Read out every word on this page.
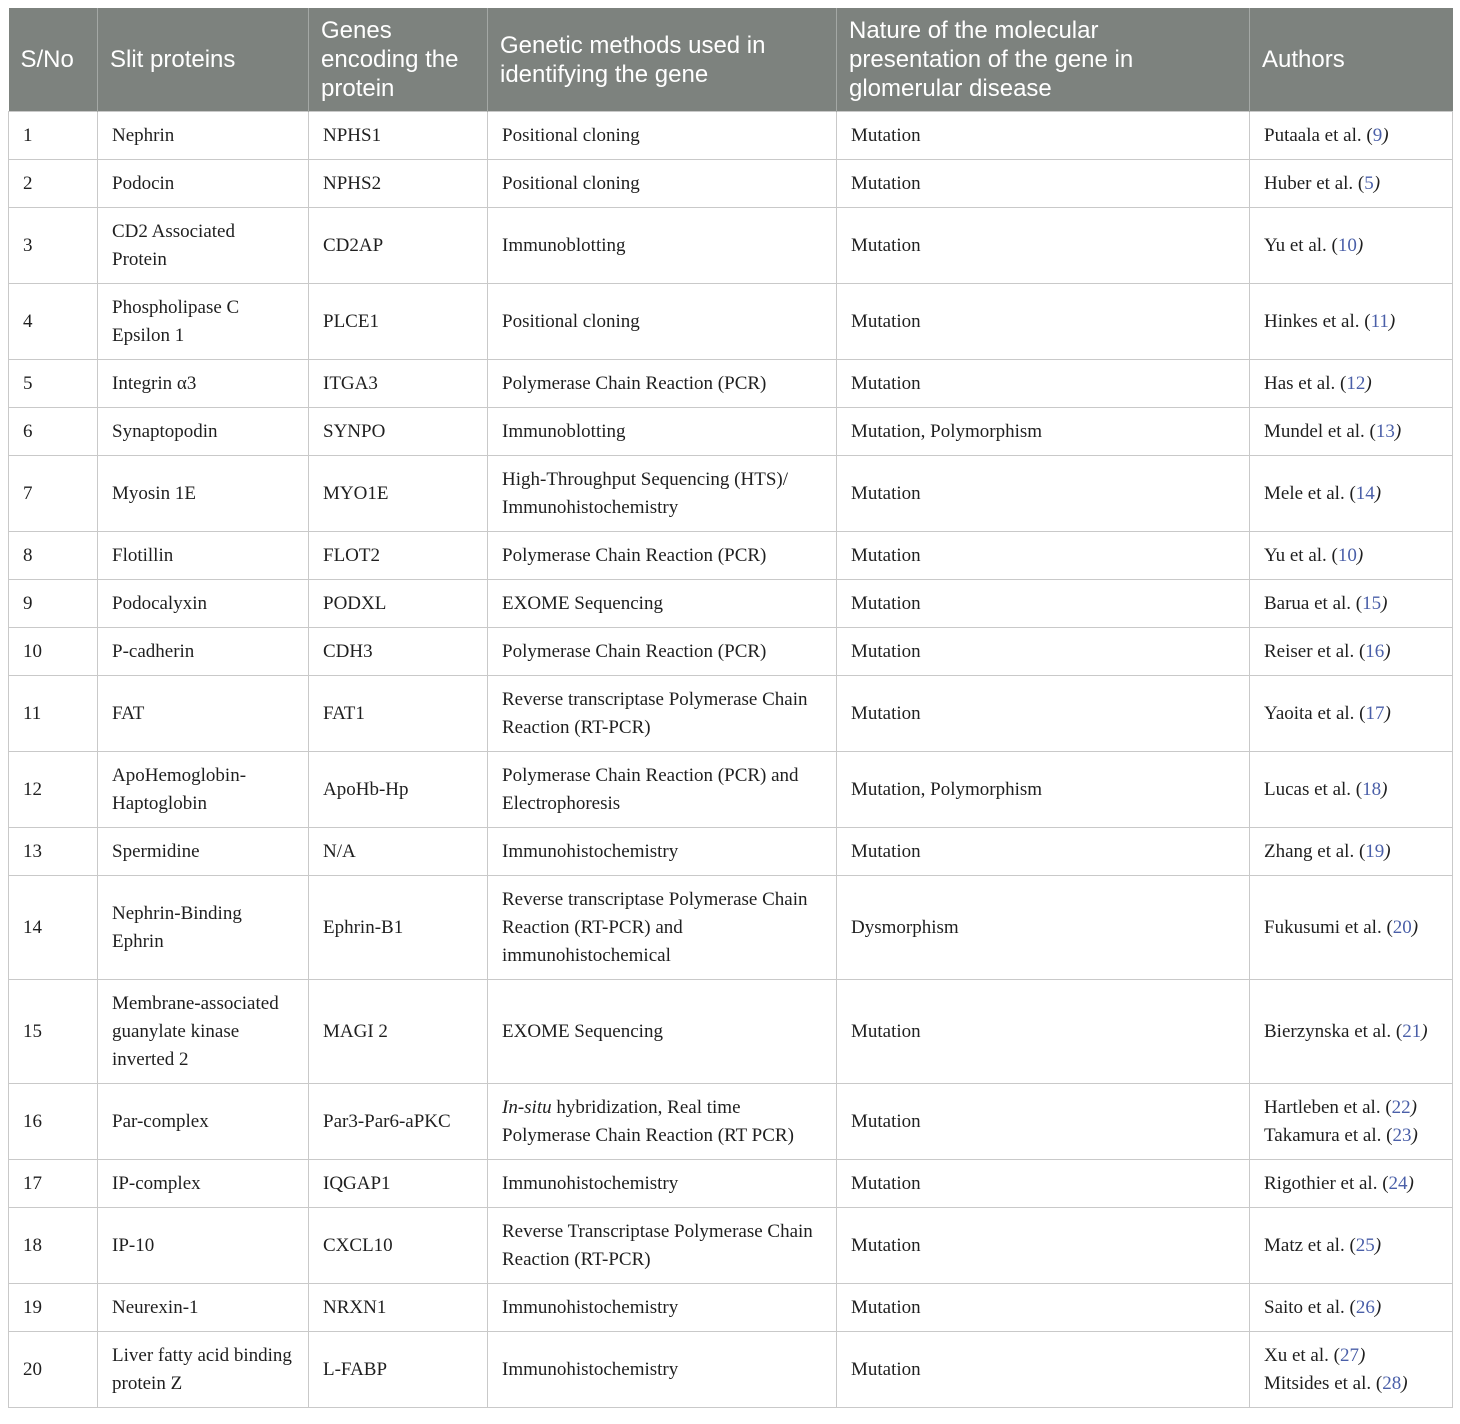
S/No	Slit proteins	Genes encoding the protein	Genetic methods used in identifying the gene	Nature of the molecular presentation of the gene in glomerular disease	Authors
1	Nephrin	NPHS1	Positional cloning	Mutation	Putaala et al. (9)

2	Podocin	NPHS2	Positional cloning	Mutation	Huber et al. (5)

3	CD2 Associated Protein	CD2AP	Immunoblotting	Mutation	Yu et al. (10)

4	Phospholipase C Epsilon 1	PLCE1	Positional cloning	Mutation	Hinkes et al. (11)

5	Integrin α3	ITGA3	Polymerase Chain Reaction (PCR)	Mutation	Has et al. (12)

6	Synaptopodin	SYNPO	Immunoblotting	Mutation, Polymorphism	Mundel et al. (13)

7	Myosin 1E	MYO1E	High-Throughput Sequencing (HTS)/ Immunohistochemistry	Mutation	Mele et al. (14)

8	Flotillin	FLOT2	Polymerase Chain Reaction (PCR)	Mutation	Yu et al. (10)

9	Podocalyxin	PODXL	EXOME Sequencing	Mutation	Barua et al. (15)

10	P-cadherin	CDH3	Polymerase Chain Reaction (PCR)	Mutation	Reiser et al. (16)

11	FAT	FAT1	Reverse transcriptase Polymerase Chain Reaction (RT-PCR)	Mutation	Yaoita et al. (17)

12	ApoHemoglobin-Haptoglobin	ApoHb-Hp	Polymerase Chain Reaction (PCR) and Electrophoresis	Mutation, Polymorphism	Lucas et al. (18)

13	Spermidine	N/A	Immunohistochemistry	Mutation	Zhang et al. (19)

14	Nephrin-Binding Ephrin	Ephrin-B1	Reverse transcriptase Polymerase Chain Reaction (RT-PCR) and immunohistochemical	Dysmorphism	Fukusumi et al. (20)

15	Membrane-associated guanylate kinase inverted 2	MAGI 2	EXOME Sequencing	Mutation	Bierzynska et al. (21)

16	Par-complex	Par3-Par6-aPKC	In-situ hybridization, Real time Polymerase Chain Reaction (RT PCR)	Mutation	Hartleben et al. (22)
Takamura et al. (23)

17	IP-complex	IQGAP1	Immunohistochemistry	Mutation	Rigothier et al. (24)

18	IP-10	CXCL10	Reverse Transcriptase Polymerase Chain Reaction (RT-PCR)	Mutation	Matz et al. (25)

19	Neurexin-1	NRXN1	Immunohistochemistry	Mutation	Saito et al. (26)

20	Liver fatty acid binding protein Z	L-FABP	Immunohistochemistry	Mutation	Xu et al. (27)
Mitsides et al. (28)
